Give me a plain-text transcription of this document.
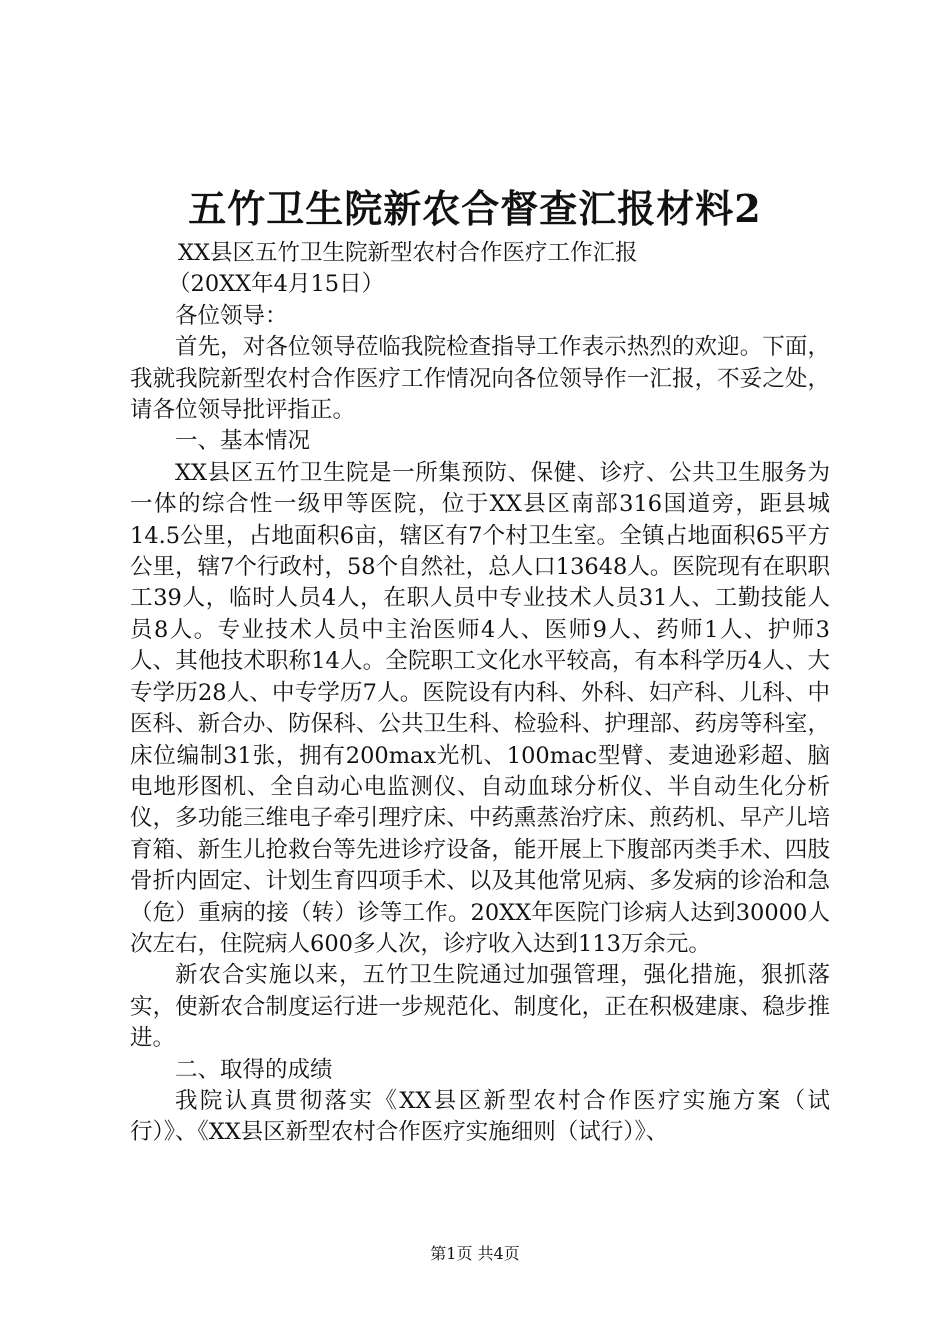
五竹卫生院新农合督查汇报材料2

XX县区五竹卫生院新型农村合作医疗工作汇报

（20XX年4月15日）

各位领导：

首先，对各位领导莅临我院检查指导工作表示热烈的欢迎。下面，我就我院新型农村合作医疗工作情况向各位领导作一汇报，不妥之处，请各位领导批评指正。

一、基本情况

XX县区五竹卫生院是一所集预防、保健、诊疗、公共卫生服务为一体的综合性一级甲等医院，位于XX县区南部316国道旁，距县城14.5公里，占地面积6亩，辖区有7个村卫生室。全镇占地面积65平方公里，辖7个行政村，58个自然社，总人口13648人。医院现有在职职工39人，临时人员4人，在职人员中专业技术人员31人、工勤技能人员8人。专业技术人员中主治医师4人、医师9人、药师1人、护师3人、其他技术职称14人。全院职工文化水平较高，有本科学历4人、大专学历28人、中专学历7人。医院设有内科、外科、妇产科、儿科、中医科、新合办、防保科、公共卫生科、检验科、护理部、药房等科室，床位编制31张，拥有200max光机、100mac型臂、麦迪逊彩超、脑电地形图机、全自动心电监测仪、自动血球分析仪、半自动生化分析仪，多功能三维电子牵引理疗床、中药熏蒸治疗床、煎药机、早产儿培育箱、新生儿抢救台等先进诊疗设备，能开展上下腹部丙类手术、四肢骨折内固定、计划生育四项手术、以及其他常见病、多发病的诊治和急（危）重病的接（转）诊等工作。20XX年医院门诊病人达到30000人次左右，住院病人600多人次，诊疗收入达到113万余元。

新农合实施以来，五竹卫生院通过加强管理，强化措施，狠抓落实，使新农合制度运行进一步规范化、制度化，正在积极建康、稳步推进。

二、取得的成绩

我院认真贯彻落实《XX县区新型农村合作医疗实施方案（试行）》、《XX县区新型农村合作医疗实施细则（试行）》、

第1页 共4页
